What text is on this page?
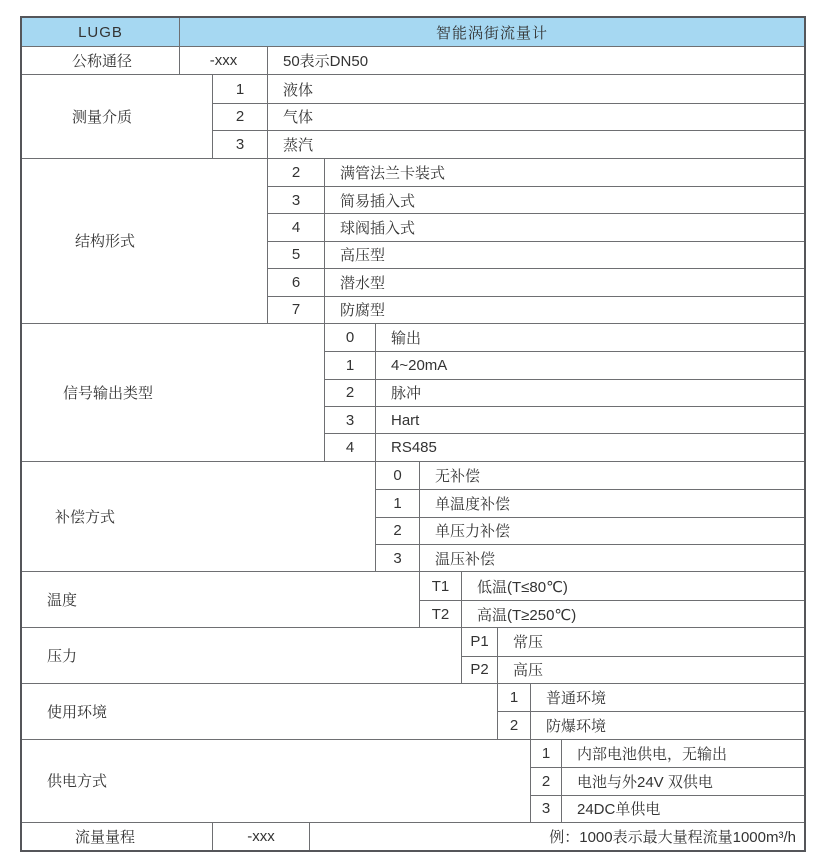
LUGB	智能涡街流量计
公称通径	-xxx	50表示DN50
测量介质
1	液体
2	气体
3	蒸汽
结构形式
2	满管法兰卡装式
3	简易插入式
4	球阀插入式
5	高压型
6	潜水型
7	防腐型
信号输出类型
0	输出
1	4~20mA
2	脉冲
3	Hart
4	RS485
补偿方式
0	无补偿
1	单温度补偿
2	单压力补偿
3	温压补偿
温度
T1	低温(T≤80℃)
T2	高温(T≥250℃)
压力
P1	常压
P2	高压
使用环境
1	普通环境
2	防爆环境
供电方式
1	内部电池供电，无输出
2	电池与外24V 双供电
3	24DC单供电
流量量程	-xxx	例：1000表示最大量程流量1000m³/h
